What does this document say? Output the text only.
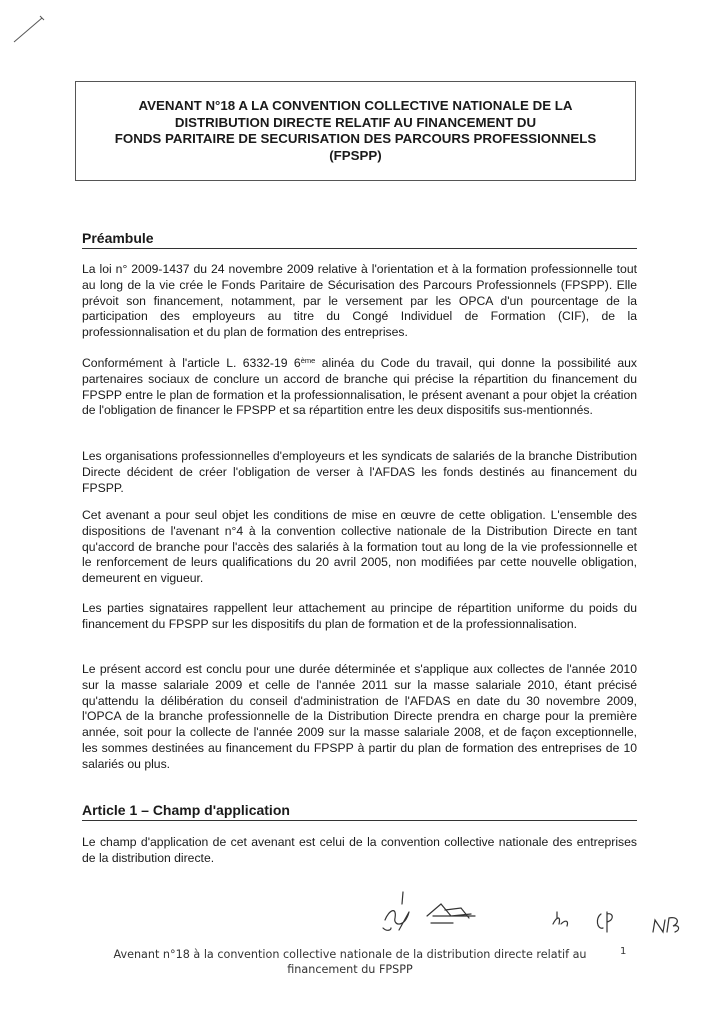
AVENANT N°18 A LA CONVENTION COLLECTIVE NATIONALE DE LA
DISTRIBUTION DIRECTE RELATIF AU FINANCEMENT DU
FONDS PARITAIRE DE SECURISATION DES PARCOURS PROFESSIONNELS
(FPSPP)
Préambule

La loi n° 2009-1437 du 24 novembre 2009 relative à l'orientation et à la formation professionnelle tout au long de la vie crée le Fonds Paritaire de Sécurisation des Parcours Professionnels (FPSPP). Elle prévoit son financement, notamment, par le versement par les OPCA d'un pourcentage de la participation des employeurs au titre du Congé Individuel de Formation (CIF), de la professionnalisation et du plan de formation des entreprises.

Conformément à l'article L. 6332-19 6ème alinéa du Code du travail, qui donne la possibilité aux partenaires sociaux de conclure un accord de branche qui précise la répartition du financement du FPSPP entre le plan de formation et la professionnalisation, le présent avenant a pour objet la création de l'obligation de financer le FPSPP et sa répartition entre les deux dispositifs sus-mentionnés.

Les organisations professionnelles d'employeurs et les syndicats de salariés de la branche Distribution Directe décident de créer l'obligation de verser à l'AFDAS les fonds destinés au financement du FPSPP.

Cet avenant a pour seul objet les conditions de mise en œuvre de cette obligation. L'ensemble des dispositions de l'avenant n°4 à la convention collective nationale de la Distribution Directe en tant qu'accord de branche pour l'accès des salariés à la formation tout au long de la vie professionnelle et le renforcement de leurs qualifications du 20 avril 2005, non modifiées par cette nouvelle obligation, demeurent en vigueur.

Les parties signataires rappellent leur attachement au principe de répartition uniforme du poids du financement du FPSPP sur les dispositifs du plan de formation et de la professionnalisation.

Le présent accord est conclu pour une durée déterminée et s'applique aux collectes de l'année 2010 sur la masse salariale 2009 et celle de l'année 2011 sur la masse salariale 2010, étant précisé qu'attendu la délibération du conseil d'administration de l'AFDAS en date du 30 novembre 2009, l'OPCA de la branche professionnelle de la Distribution Directe prendra en charge pour la première année, soit pour la collecte de l'année 2009 sur la masse salariale 2008, et de façon exceptionnelle, les sommes destinées au financement du FPSPP à partir du plan de formation des entreprises de 10 salariés ou plus.

Article 1 – Champ d'application

Le champ d'application de cet avenant est celui de la convention collective nationale des entreprises de la distribution directe.

Avenant n°18 à la convention collective nationale de la distribution directe relatif au financement du FPSPP

1
